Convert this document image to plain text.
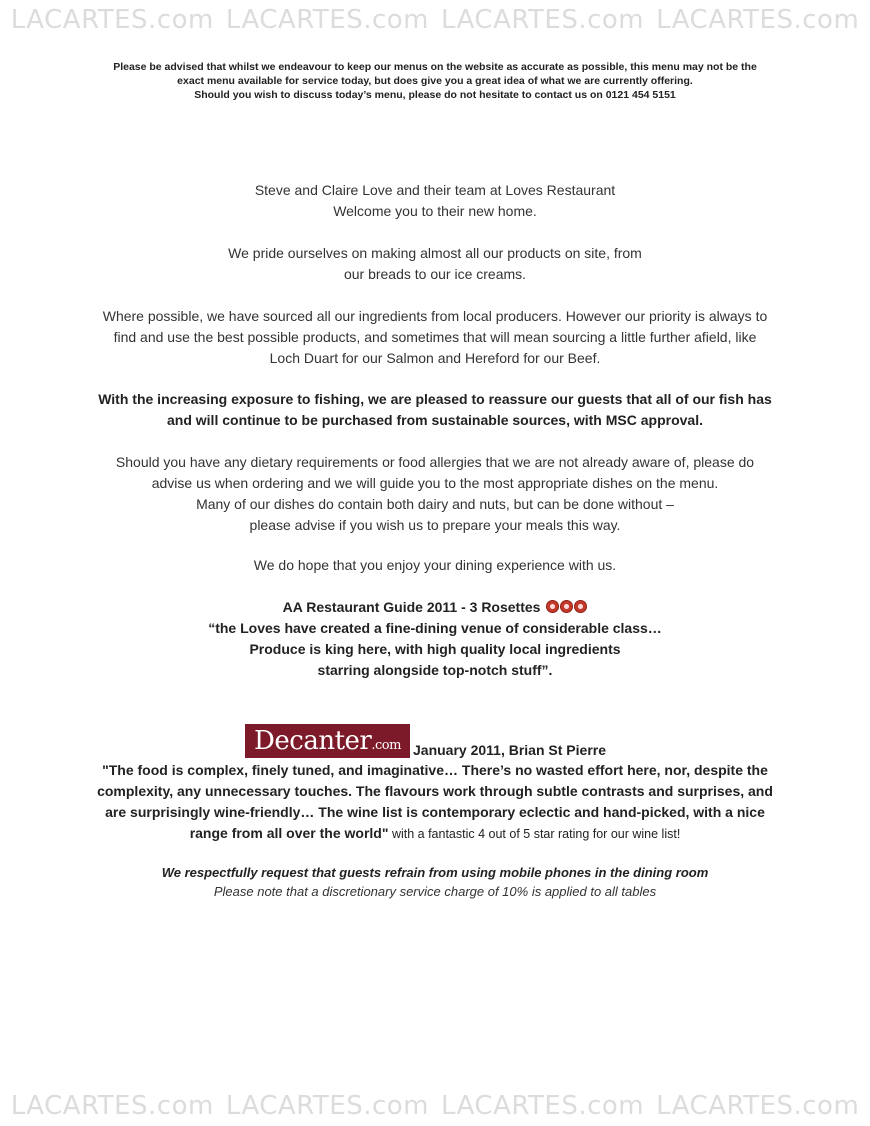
LACARTES.com LACARTES.com LACARTES.com LACARTES.com
Please be advised that whilst we endeavour to keep our menus on the website as accurate as possible, this menu may not be the
exact menu available for service today, but does give you a great idea of what we are currently offering.
Should you wish to discuss today’s menu, please do not hesitate to contact us on 0121 454 5151
Steve and Claire Love and their team at Loves Restaurant
Welcome you to their new home.
We pride ourselves on making almost all our products on site, from
our breads to our ice creams.
Where possible, we have sourced all our ingredients from local producers. However our priority is always to
find and use the best possible products, and sometimes that will mean sourcing a little further afield, like
Loch Duart for our Salmon and Hereford for our Beef.
With the increasing exposure to fishing, we are pleased to reassure our guests that all of our fish has
and will continue to be purchased from sustainable sources, with MSC approval.
Should you have any dietary requirements or food allergies that we are not already aware of, please do
advise us when ordering and we will guide you to the most appropriate dishes on the menu.
Many of our dishes do contain both dairy and nuts, but can be done without –
please advise if you wish us to prepare your meals this way.
We do hope that you enjoy your dining experience with us.
AA Restaurant Guide 2011 - 3 Rosettes
“the Loves have created a fine-dining venue of considerable class…
Produce is king here, with high quality local ingredients
starring alongside top-notch stuff”.
Decanter .com January 2011, Brian St Pierre
"The food is complex, finely tuned, and imaginative… There’s no wasted effort here, nor, despite the
complexity, any unnecessary touches. The flavours work through subtle contrasts and surprises, and
are surprisingly wine-friendly… The wine list is contemporary eclectic and hand-picked, with a nice
range from all over the world" with a fantastic 4 out of 5 star rating for our wine list!
We respectfully request that guests refrain from using mobile phones in the dining room
Please note that a discretionary service charge of 10% is applied to all tables
LACARTES.com LACARTES.com LACARTES.com LACARTES.com
